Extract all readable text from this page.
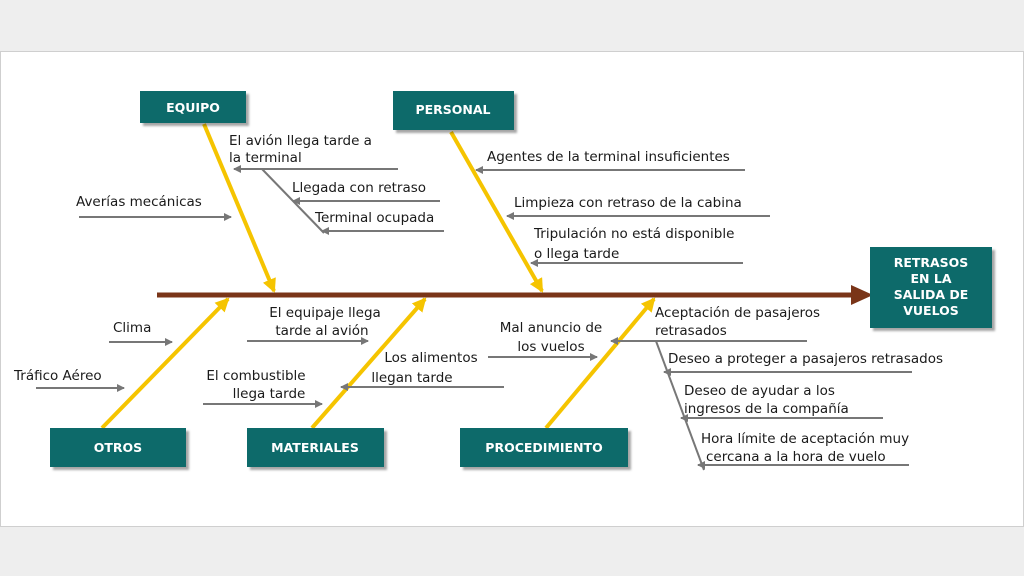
EQUIPO	PERSONAL
OTROS	MATERIALES	PROCEDIMIENTO
RETRASOS
EN LA
SALIDA DE
VUELOS
El avión llega tarde a
la terminal
Llegada con retraso
Terminal ocupada
Averías mecánicas
Agentes de la terminal insuficientes
Limpieza con retraso de la cabina
Tripulación no está disponible
o llega tarde
Clima
Tráfico Aéreo
El equipaje llega
tarde al avión
El combustible
llega tarde
Los alimentos
llegan tarde
Mal anuncio de
los vuelos
Aceptación de pasajeros
retrasados
Deseo a proteger a pasajeros retrasados
Deseo de ayudar a los
ingresos de la compañía
Hora límite de aceptación muy
cercana a la hora de vuelo
